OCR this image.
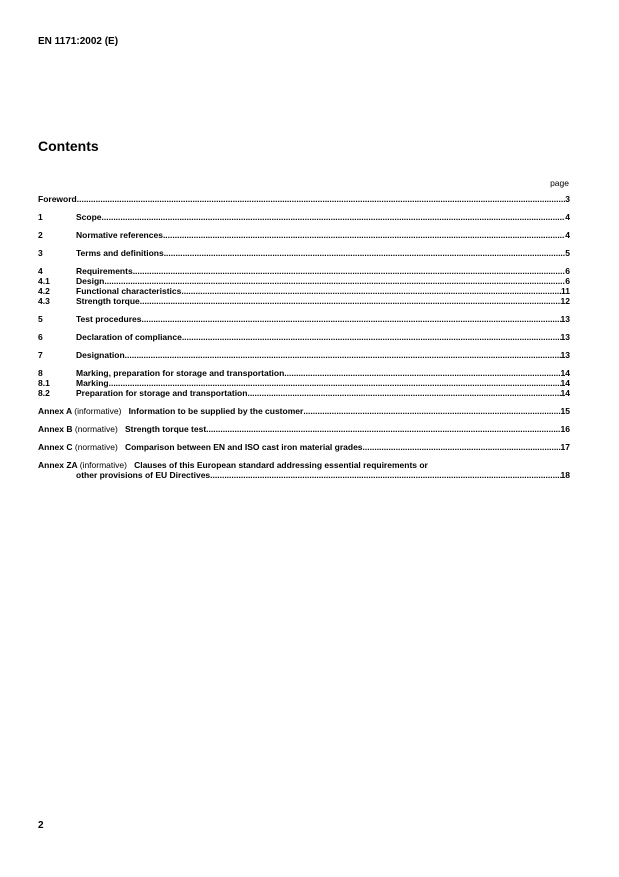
EN 1171:2002 (E)
Contents
page
Foreword .....	3
1	Scope .....	4
2	Normative references .....	4
3	Terms and definitions .....	5
4	Requirements .....	6
4.1	Design .....	6
4.2	Functional characteristics .....	11
4.3	Strength torque .....	12
5	Test procedures .....	13
6	Declaration of compliance .....	13
7	Designation .....	13
8	Marking, preparation for storage and transportation .....	14
8.1	Marking .....	14
8.2	Preparation for storage and transportation .....	14
Annex A (informative) Information to be supplied by the customer .....	15
Annex B (normative) Strength torque test .....	16
Annex C (normative) Comparison between EN and ISO cast iron material grades .....	17
Annex ZA (informative) Clauses of this European standard addressing essential requirements or
other provisions of EU Directives .....	18
2
